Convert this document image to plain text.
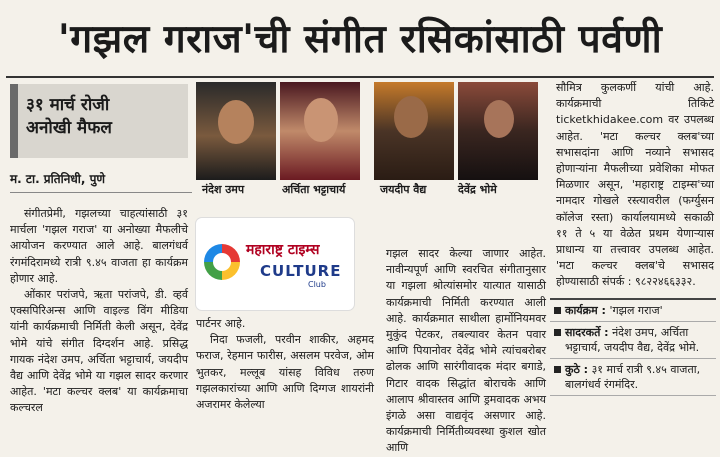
'गझल गराज'ची संगीत रसिकांसाठी पर्वणी
३१ मार्च रोजी
अनोखी मैफल
म. टा. प्रतिनिधी, पुणे
नंदेश उमप	अर्चिता भट्टाचार्य	जयदीप वैद्य	देवेंद्र भोमे

संगीतप्रेमी, गझलच्या चाहत्यांसाठी ३१ मार्चला 'गझल गराज' या अनोख्या मैफलीचे आयोजन करण्यात आले आहे. बालगंधर्व रंगमंदिरामध्ये रात्री ९.४५ वाजता हा कार्यक्रम होणार आहे.

ओंकार परांजपे, ऋता परांजपे, डी. व्हर्व एक्सपिरिअन्स आणि वाइल्ड विंग मीडिया यांनी कार्यक्रमाची निर्मिती केली असून, देवेंद्र भोमे यांचे संगीत दिग्दर्शन आहे. प्रसिद्ध गायक नंदेश उमप, अर्चिता भट्टाचार्य, जयदीप वैद्य आणि देवेंद्र भोमे या गझल सादर करणार आहेत. 'मटा कल्चर क्लब' या कार्यक्रमाचा कल्चरल

महाराष्ट्र टाइम्स
CULTURE
Club

पार्टनर आहे.

निदा फजली, परवीन शाकीर, अहमद फराज, रेहमान फारीस, असलम परवेज, ओम भुतकर, मल्लूब यांसह विविध तरुण गझलकारांच्या आणि आणि दिग्गज शायरांनी अजरामर केलेल्या

गझल सादर केल्या जाणार आहेत. नावीन्यपूर्ण आणि स्वरचित संगीतानुसार या गझला श्रोत्यांसमोर यात्यात यासाठी कार्यक्रमाची निर्मिती करण्यात आली आहे. कार्यक्रमात साथीला हार्मोनियमवर मुकुंद पेटकर, तबल्यावर केतन पवार आणि पियानोवर देवेंद्र भोमे त्यांचबरोबर ढोलक आणि सारंगीवादक मंदार बगाडे, गिटार वादक सिद्धांत बोराचके आणि आलाप श्रीवास्तव आणि ड्रमवादक अभय इंगळे असा वाद्यवृंद असणार आहे. कार्यक्रमाची निर्मितीव्यवस्था कुशल खोत आणि

सौमित्र कुलकर्णी यांची आहे. कार्यक्रमाची तिकिटे ticketkhidakee.com वर उपलब्ध आहेत. 'मटा कल्चर क्लब'च्या सभासदांना आणि नव्याने सभासद होणाऱ्यांना मैफलीच्या प्रवेशिका मोफत मिळणार असून, 'महाराष्ट्र टाइम्स'च्या नामदार गोखले रस्त्यावरील (फर्ग्युसन कॉलेज रस्ता) कार्यालयामध्ये सकाळी ११ ते ५ या वेळेत प्रथम येणाऱ्यास प्राधान्य या तत्त्वावर उपलब्ध आहेत. 'मटा कल्चर क्लब'चे सभासद होण्यासाठी संपर्क : ९८२२४६६३३२.

कार्यक्रम : 'गझल गराज'
सादरकर्ते : नंदेश उमप, अर्चिता भट्टाचार्य, जयदीप वैद्य, देवेंद्र भोमे.
कुठे : ३१ मार्च रात्री ९.४५ वाजता, बालगंधर्व रंगमंदिर.
